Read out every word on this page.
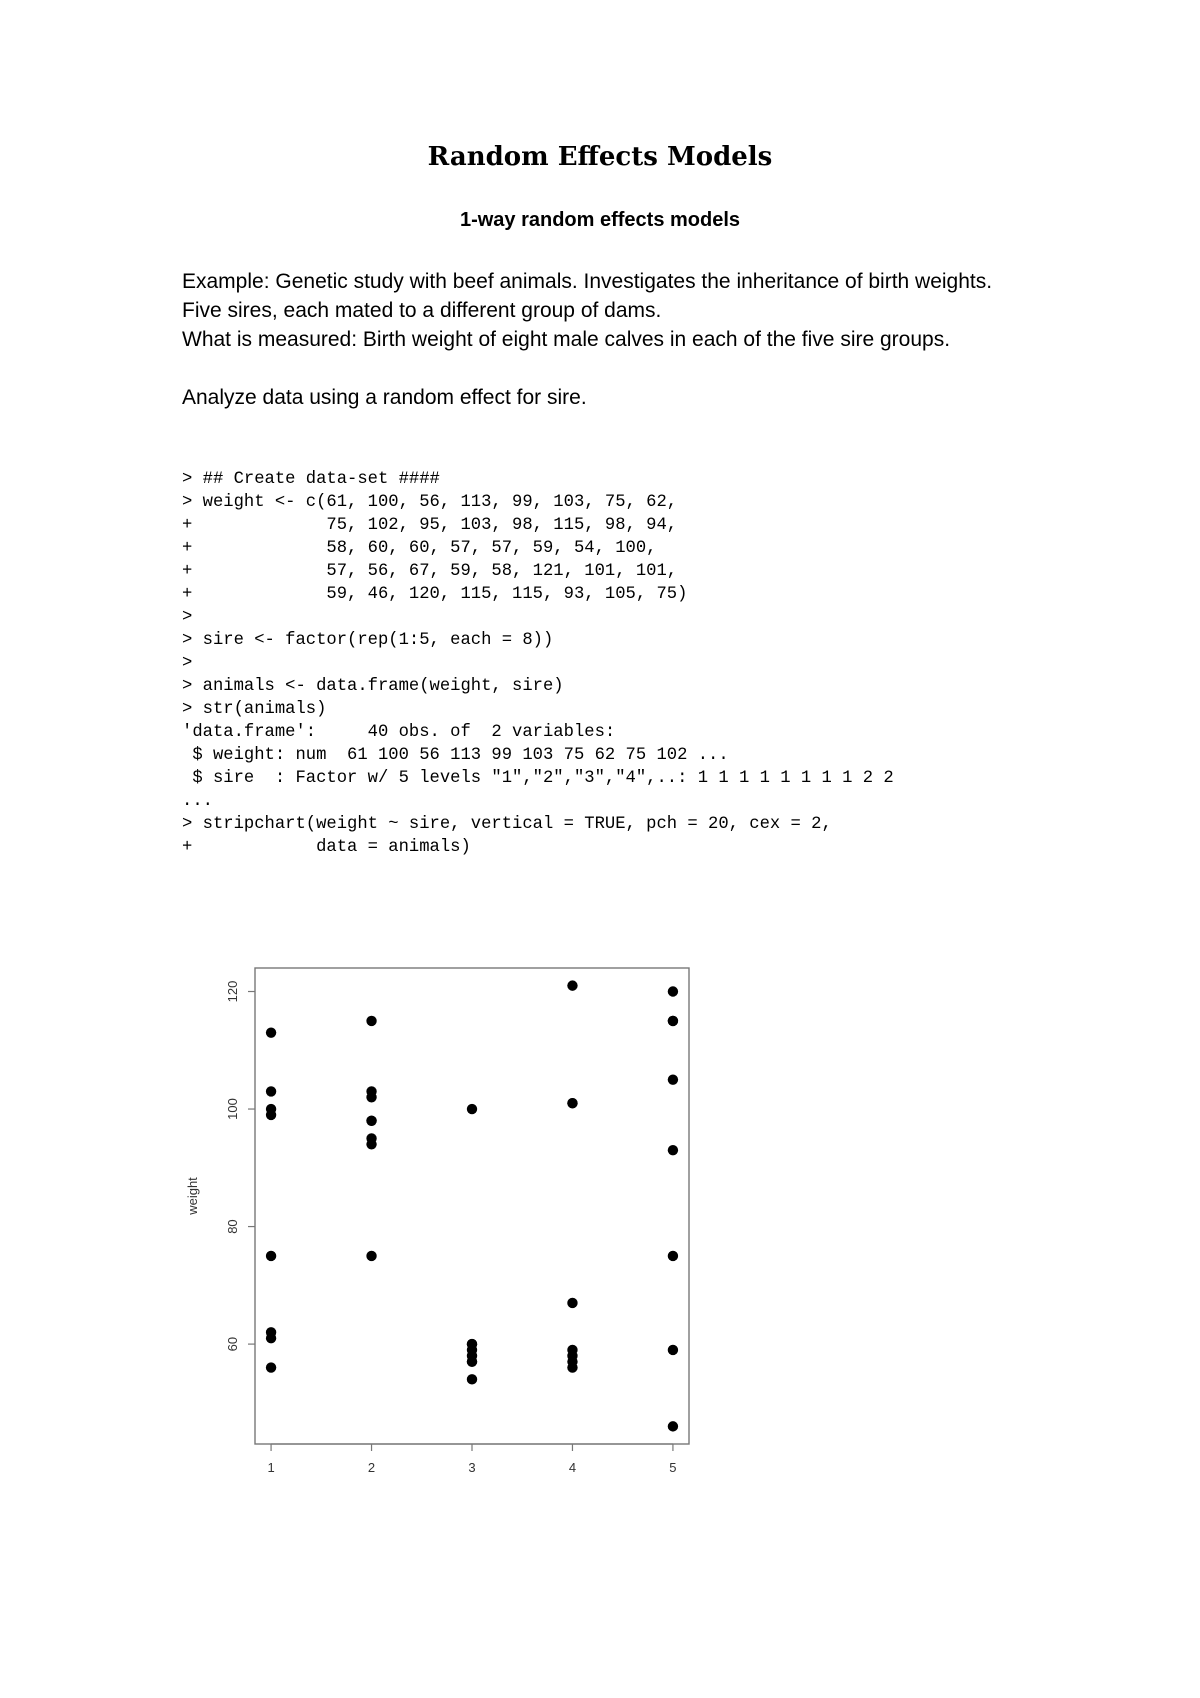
Random Effects Models
1-way random effects models

Example: Genetic study with beef animals. Investigates the inheritance of birth weights.

Five sires, each mated to a different group of dams.

What is measured: Birth weight of eight male calves in each of the five sire groups.

Analyze data using a random effect for sire.

> ## Create data-set ####
> weight <- c(61, 100, 56, 113, 99, 103, 75, 62,
+             75, 102, 95, 103, 98, 115, 98, 94,
+             58, 60, 60, 57, 57, 59, 54, 100,
+             57, 56, 67, 59, 58, 121, 101, 101,
+             59, 46, 120, 115, 115, 93, 105, 75)
>
> sire <- factor(rep(1:5, each = 8))
>
> animals <- data.frame(weight, sire)
> str(animals)
'data.frame':     40 obs. of  2 variables:
$ weight: num  61 100 56 113 99 103 75 62 75 102 ...
$ sire  : Factor w/ 5 levels "1","2","3","4",..: 1 1 1 1 1 1 1 1 2 2
...
> stripchart(weight ~ sire, vertical = TRUE, pch = 20, cex = 2,
+            data = animals)
1	2	3	4	5
60
80
100
120
weight
